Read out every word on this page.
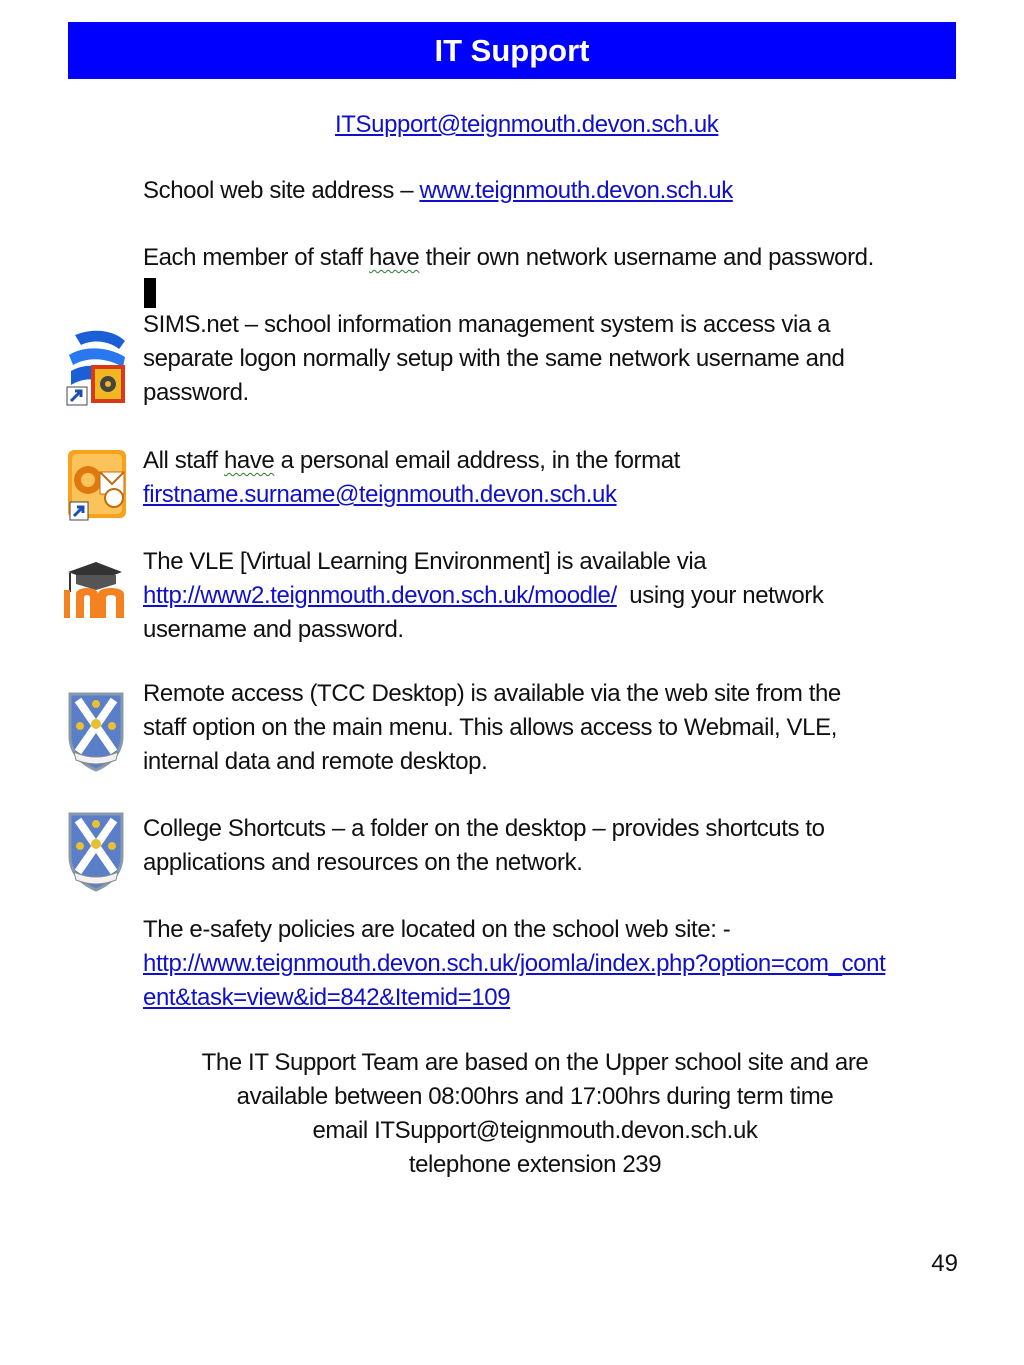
IT Support
ITSupport@teignmouth.devon.sch.uk
School web site address – www.teignmouth.devon.sch.uk
Each member of staff have their own network username and password.
SIMS.net – school information management system is access via a
separate logon normally setup with the same network username and
password.
All staff have a personal email address, in the format
firstname.surname@teignmouth.devon.sch.uk
The VLE [Virtual Learning Environment] is available via
http://www2.teignmouth.devon.sch.uk/moodle/  using your network
username and password.
Remote access (TCC Desktop) is available via the web site from the
staff option on the main menu. This allows access to Webmail, VLE,
internal data and remote desktop.
College Shortcuts – a folder on the desktop – provides shortcuts to
applications and resources on the network.
The e-safety policies are located on the school web site: -
http://www.teignmouth.devon.sch.uk/joomla/index.php?option=com_cont
ent&task=view&id=842&Itemid=109
The IT Support Team are based on the Upper school site and are
available between 08:00hrs and 17:00hrs during term time
email ITSupport@teignmouth.devon.sch.uk
telephone extension 239
49
